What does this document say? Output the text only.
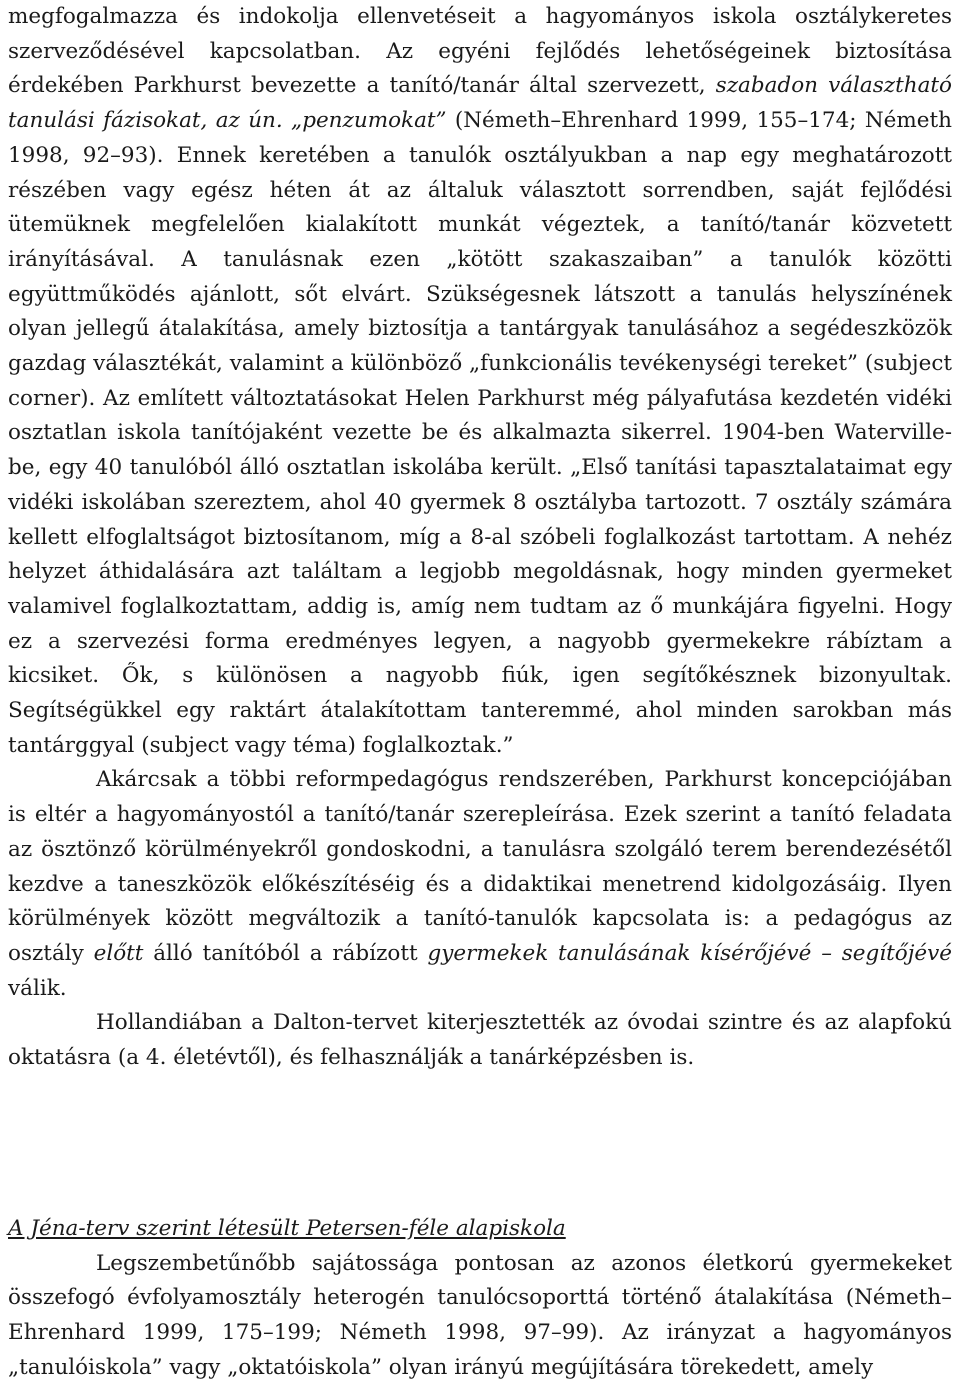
megfogalmazza és indokolja ellenvetéseit a hagyományos iskola osztálykeretes szerveződésével kapcsolatban. Az egyéni fejlődés lehetőségeinek biztosítása érdekében Parkhurst bevezette a tanító/tanár által szervezett, szabadon választható tanulási fázisokat, az ún. „penzumokat” (Németh–Ehrenhard 1999, 155–174; Németh 1998, 92–93). Ennek keretében a tanulók osztályukban a nap egy meghatározott részében vagy egész héten át az általuk választott sorrendben, saját fejlődési ütemüknek megfelelően kialakított munkát végeztek, a tanító/tanár közvetett irányításával. A tanulásnak ezen „kötött szakaszaiban” a tanulók közötti együttműködés ajánlott, sőt elvárt. Szükségesnek látszott a tanulás helyszínének olyan jellegű átalakítása, amely biztosítja a tantárgyak tanulásához a segédeszközök gazdag választékát, valamint a különböző „funkcionális tevékenységi tereket” (subject corner). Az említett változtatásokat Helen Parkhurst még pályafutása kezdetén vidéki osztatlan iskola tanítójaként vezette be és alkalmazta sikerrel. 1904-ben Waterville-be, egy 40 tanulóból álló osztatlan iskolába került. „Első tanítási tapasztalataimat egy vidéki iskolában szereztem, ahol 40 gyermek 8 osztályba tartozott. 7 osztály számára kellett elfoglaltságot biztosítanom, míg a 8-al szóbeli foglalkozást tartottam. A nehéz helyzet áthidalására azt találtam a legjobb megoldásnak, hogy minden gyermeket valamivel foglalkoztattam, addig is, amíg nem tudtam az ő munkájára figyelni. Hogy ez a szervezési forma eredményes legyen, a nagyobb gyermekekre rábíztam a kicsiket. Ők, s különösen a nagyobb fiúk, igen segítőkésznek bizonyultak. Segítségükkel egy raktárt átalakítottam tanteremmé, ahol minden sarokban más tantárggyal (subject vagy téma) foglalkoztak.”

Akárcsak a többi reformpedagógus rendszerében, Parkhurst koncepciójában is eltér a hagyományostól a tanító/tanár szerepleírása. Ezek szerint a tanító feladata az ösztönző körülményekről gondoskodni, a tanulásra szolgáló terem berendezésétől kezdve a taneszközök előkészítéséig és a didaktikai menetrend kidolgozásáig. Ilyen körülmények között megváltozik a tanító-tanulók kapcsolata is: a pedagógus az osztály előtt álló tanítóból a rábízott gyermekek tanulásának kísérőjévé – segítőjévé válik.

Hollandiában a Dalton-tervet kiterjesztették az óvodai szintre és az alapfokú oktatásra (a 4. életévtől), és felhasználják a tanárképzésben is.

A Jéna-terv szerint létesült Petersen-féle alapiskola

Legszembetűnőbb sajátossága pontosan az azonos életkorú gyermekeket összefogó évfolyamosztály heterogén tanulócsoporttá történő átalakítása (Németh–Ehrenhard 1999, 175–199; Németh 1998, 97–99). Az irányzat a hagyományos „tanulóiskola” vagy „oktatóiskola” olyan irányú megújítására törekedett, amely
